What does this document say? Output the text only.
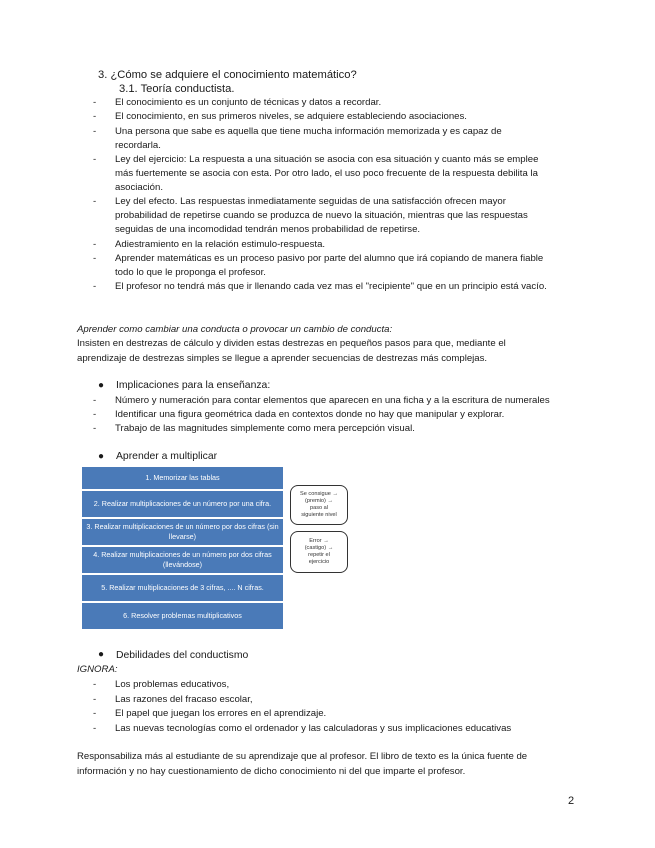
3. ¿Cómo se adquiere el conocimiento matemático?
3.1. Teoría conductista.
- El conocimiento es un conjunto de técnicas y datos a recordar.
- El conocimiento, en sus primeros niveles, se adquiere estableciendo asociaciones.
- Una persona que sabe es aquella que tiene mucha información memorizada y es capaz de
recordarla.
- Ley del ejercicio: La respuesta a una situación se asocia con esa situación y cuanto más se emplee
más fuertemente se asocia con esta. Por otro lado, el uso poco frecuente de la respuesta debilita la
asociación.
- Ley del efecto. Las respuestas inmediatamente seguidas de una satisfacción ofrecen mayor
probabilidad de repetirse cuando se produzca de nuevo la situación, mientras que las respuestas
seguidas de una incomodidad tendrán menos probabilidad de repetirse.
- Adiestramiento en la relación estimulo-respuesta.
- Aprender matemáticas es un proceso pasivo por parte del alumno que irá copiando de manera fiable
todo lo que le proponga el profesor.
- El profesor no tendrá más que ir llenando cada vez mas el "recipiente" que en un principio está vacío.
Aprender como cambiar una conducta o provocar un cambio de conducta:
Insisten en destrezas de cálculo y dividen estas destrezas en pequeños pasos para que, mediante el
aprendizaje de destrezas simples se llegue a aprender secuencias de destrezas más complejas.
● Implicaciones para la enseñanza:
- Número y numeración para contar elementos que aparecen en una ficha y a la escritura de numerales
- Identificar una figura geométrica dada en contextos donde no hay que manipular y explorar.
- Trabajo de las magnitudes simplemente como mera percepción visual.
● Aprender a multiplicar
1. Memorizar las tablas
2. Realizar multiplicaciones de un número por una cifra.
3. Realizar multiplicaciones de un número por dos cifras (sin llevarse)
4. Realizar multiplicaciones de un número por dos cifras (llevándose)
5. Realizar multiplicaciones de 3 cifras, .... N cifras.
6. Resolver problemas multiplicativos
Se consigue →
(premio) →
paso al
siguiente nivel
Error →
(castigo) →
repetir el
ejercicio
● Debilidades del conductismo
IGNORA:
- Los problemas educativos,
- Las razones del fracaso escolar,
- El papel que juegan los errores en el aprendizaje.
- Las nuevas tecnologías como el ordenador y las calculadoras y sus implicaciones educativas
Responsabiliza más al estudiante de su aprendizaje que al profesor. El libro de texto es la única fuente de
información y no hay cuestionamiento de dicho conocimiento ni del que imparte el profesor.
2
